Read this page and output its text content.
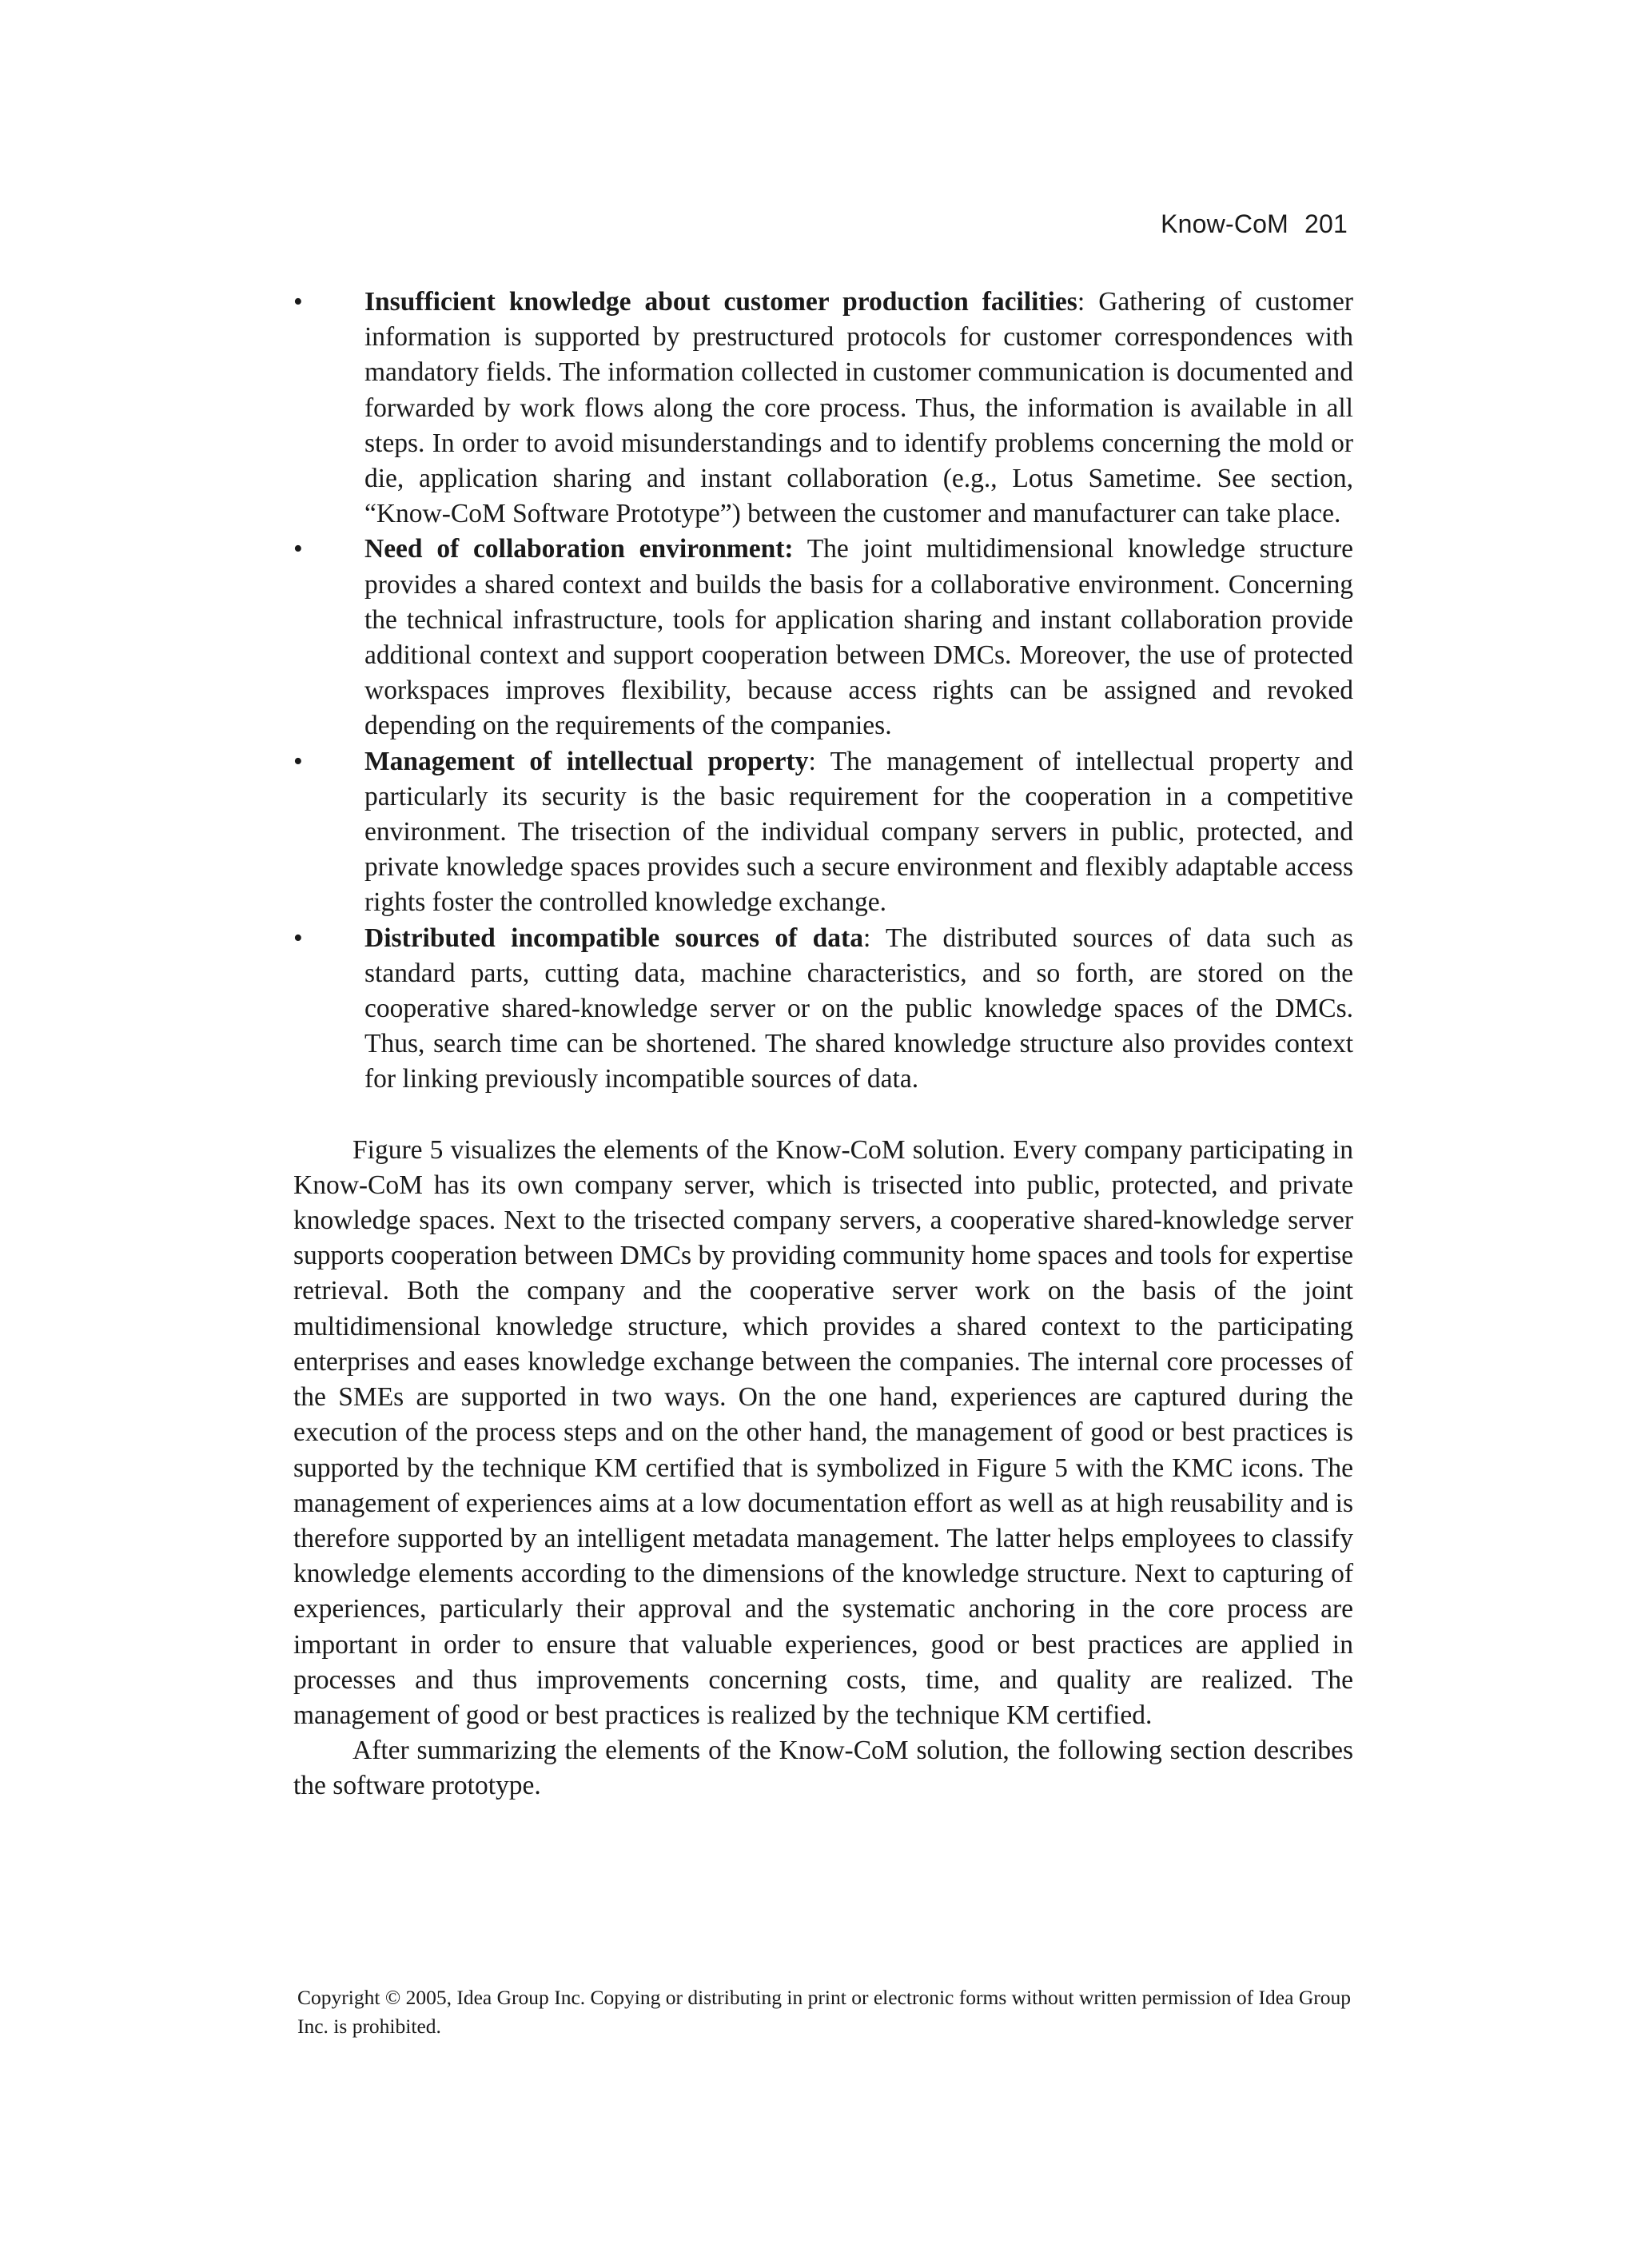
Know-CoM 201
• Insufficient knowledge about customer production facilities: Gathering of customer information is supported by prestructured protocols for customer correspondences with mandatory fields. The information collected in customer communication is documented and forwarded by work flows along the core process. Thus, the information is available in all steps. In order to avoid misunderstandings and to identify problems concerning the mold or die, application sharing and instant collaboration (e.g., Lotus Sametime. See section, “Know-CoM Software Prototype”) between the customer and manufacturer can take place.
• Need of collaboration environment: The joint multidimensional knowledge structure provides a shared context and builds the basis for a collaborative environment. Concerning the technical infrastructure, tools for application sharing and instant collaboration provide additional context and support cooperation between DMCs. Moreover, the use of protected workspaces improves flexibility, because access rights can be assigned and revoked depending on the requirements of the companies.
• Management of intellectual property: The management of intellectual property and particularly its security is the basic requirement for the cooperation in a competitive environment. The trisection of the individual company servers in public, protected, and private knowledge spaces provides such a secure environment and flexibly adaptable access rights foster the controlled knowledge exchange.
• Distributed incompatible sources of data: The distributed sources of data such as standard parts, cutting data, machine characteristics, and so forth, are stored on the cooperative shared-knowledge server or on the public knowledge spaces of the DMCs. Thus, search time can be shortened. The shared knowledge structure also provides context for linking previously incompatible sources of data.

Figure 5 visualizes the elements of the Know-CoM solution. Every company participating in Know-CoM has its own company server, which is trisected into public, protected, and private knowledge spaces. Next to the trisected company servers, a cooperative shared-knowledge server supports cooperation between DMCs by providing community home spaces and tools for expertise retrieval. Both the company and the cooperative server work on the basis of the joint multidimensional knowledge structure, which provides a shared context to the participating enterprises and eases knowledge exchange between the companies. The internal core processes of the SMEs are supported in two ways. On the one hand, experiences are captured during the execution of the process steps and on the other hand, the management of good or best practices is supported by the technique KM certified that is symbolized in Figure 5 with the KMC icons. The management of experiences aims at a low documentation effort as well as at high reusability and is therefore supported by an intelligent metadata management. The latter helps employees to classify knowledge elements according to the dimensions of the knowledge structure. Next to capturing of experiences, particularly their approval and the systematic anchoring in the core process are important in order to ensure that valuable experiences, good or best practices are applied in processes and thus improvements concerning costs, time, and quality are realized. The management of good or best practices is realized by the technique KM certified.

After summarizing the elements of the Know-CoM solution, the following section describes the software prototype.

Copyright © 2005, Idea Group Inc. Copying or distributing in print or electronic forms without written permission of Idea Group Inc. is prohibited.
